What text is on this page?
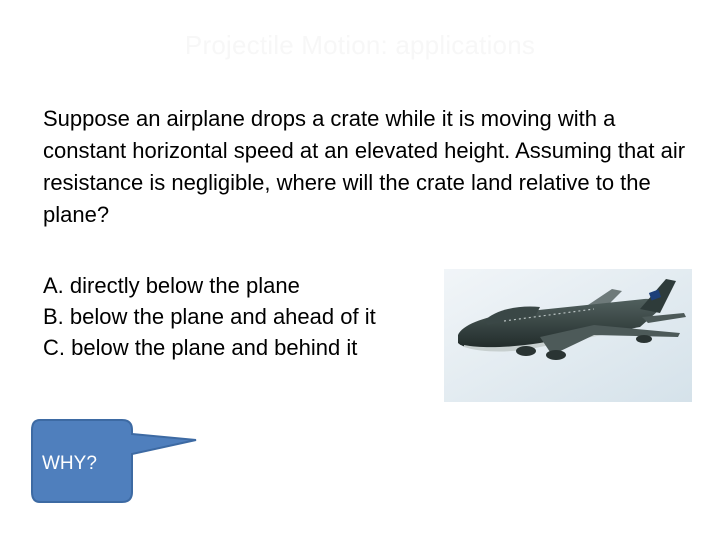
Projectile Motion: applications
Suppose an airplane drops a crate while it is moving with a constant horizontal speed at an elevated height. Assuming that air resistance is negligible, where will the crate land relative to the plane?
A. directly below the plane
B. below the plane and ahead of it
C. below the plane and behind it
WHY?
